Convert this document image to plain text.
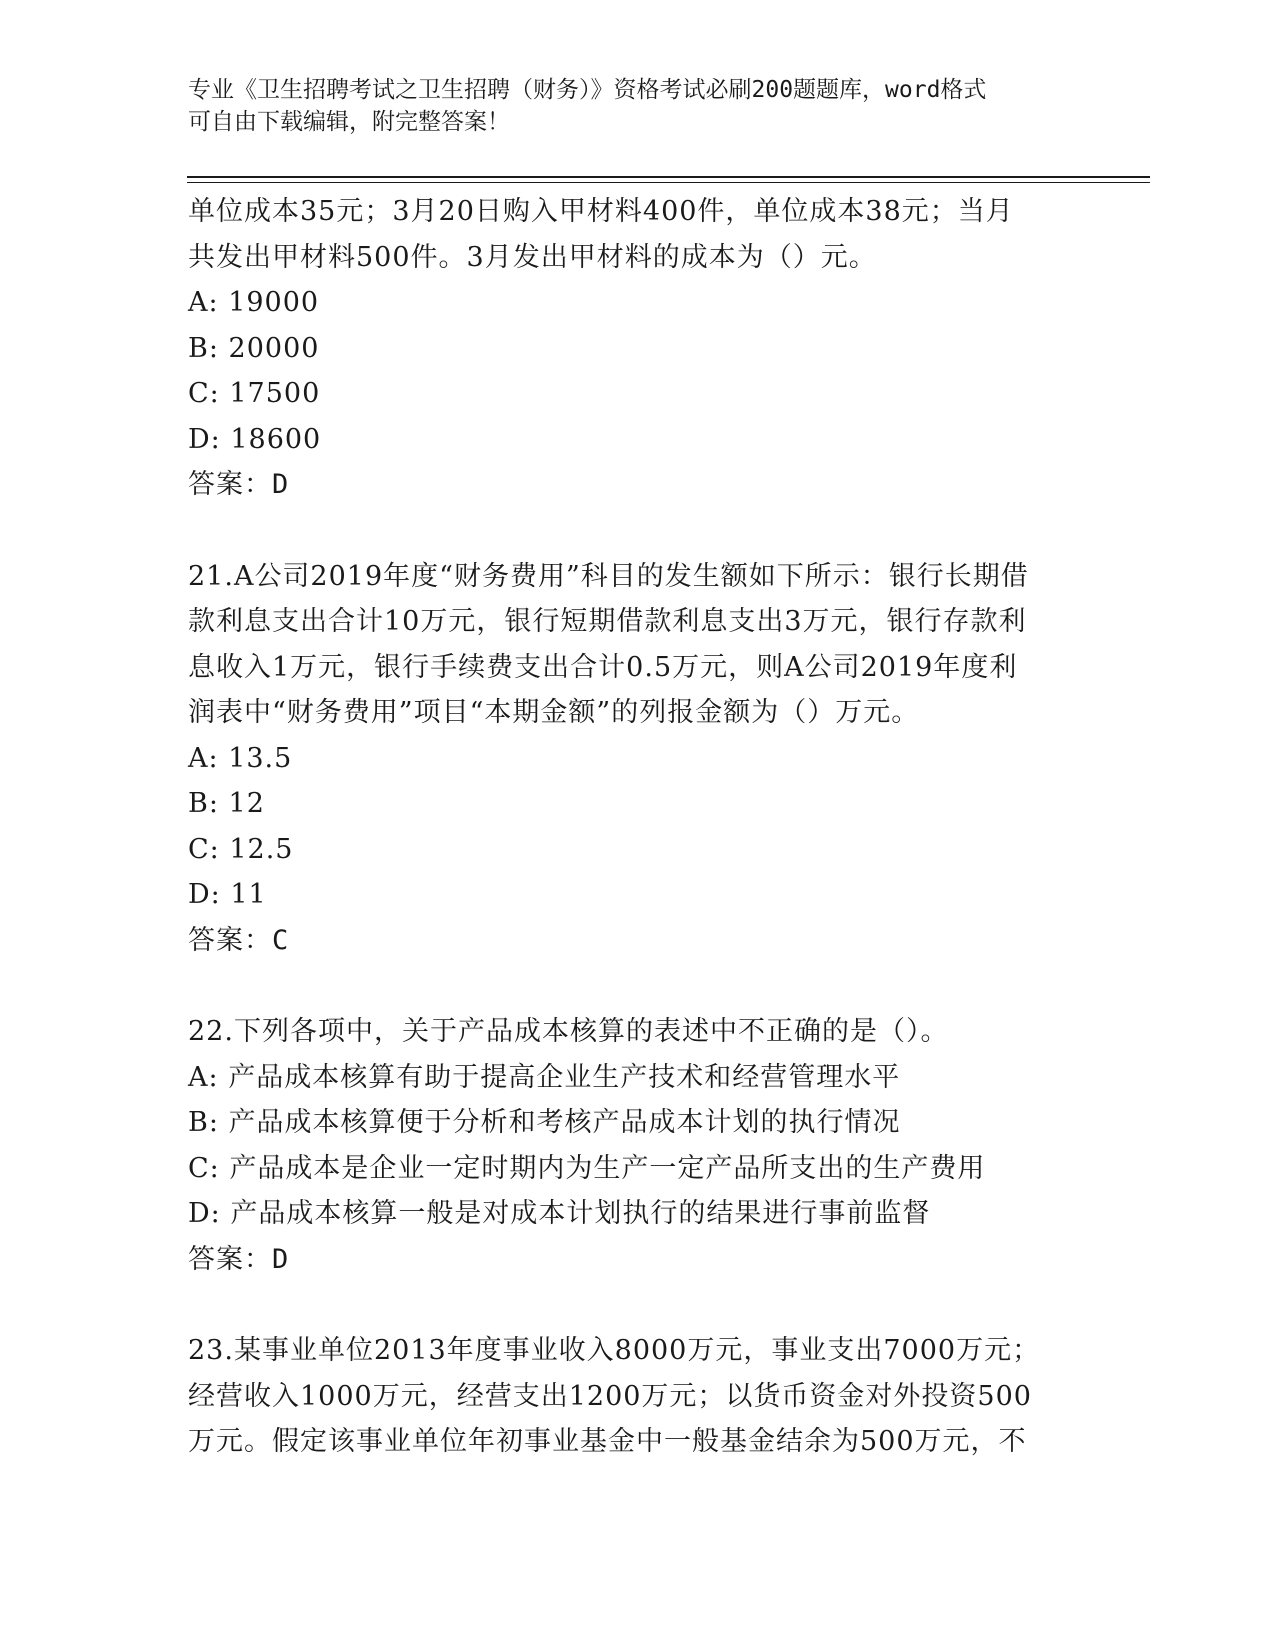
专业《卫生招聘考试之卫生招聘（财务）》资格考试必刷200题题库，word格式
可自由下载编辑，附完整答案！
单位成本35元；3月20日购入甲材料400件，单位成本38元；当月
共发出甲材料500件。3月发出甲材料的成本为（）元。
A: 19000
B: 20000
C: 17500
D: 18600
答案：D
21.A公司2019年度“财务费用”科目的发生额如下所示：银行长期借
款利息支出合计10万元，银行短期借款利息支出3万元，银行存款利
息收入1万元，银行手续费支出合计0.5万元，则A公司2019年度利
润表中“财务费用”项目“本期金额”的列报金额为（）万元。
A: 13.5
B: 12
C: 12.5
D: 11
答案：C
22.下列各项中，关于产品成本核算的表述中不正确的是（）。
A: 产品成本核算有助于提高企业生产技术和经营管理水平
B: 产品成本核算便于分析和考核产品成本计划的执行情况
C: 产品成本是企业一定时期内为生产一定产品所支出的生产费用
D: 产品成本核算一般是对成本计划执行的结果进行事前监督
答案：D
23.某事业单位2013年度事业收入8000万元，事业支出7000万元；
经营收入1000万元，经营支出1200万元；以货币资金对外投资500
万元。假定该事业单位年初事业基金中一般基金结余为500万元，不
